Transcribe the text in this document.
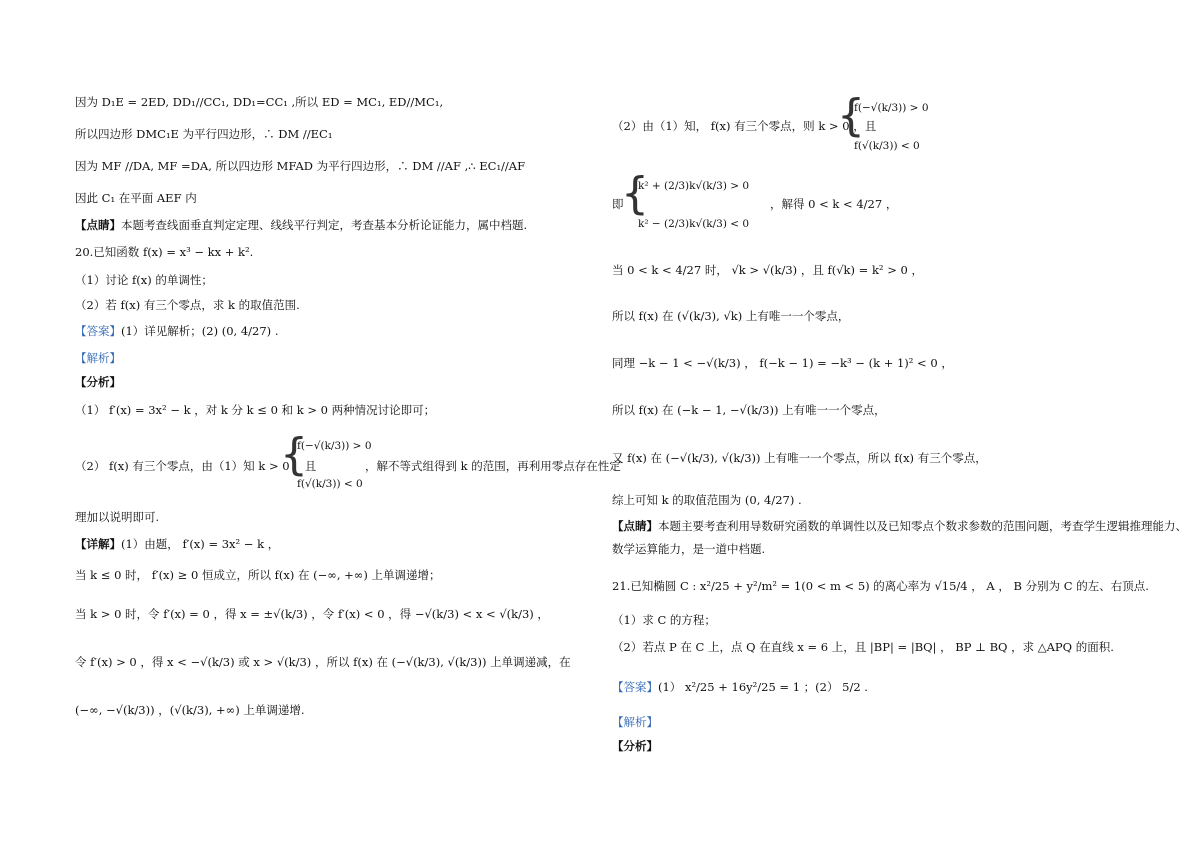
因为 D₁E = 2ED, DD₁//CC₁, DD₁=CC₁ ,所以 ED = MC₁, ED//MC₁,
所以四边形 DMC₁E 为平行四边形，∴ DM //EC₁
因为 MF //DA, MF =DA, 所以四边形 MFAD 为平行四边形，∴ DM //AF ,∴ EC₁//AF
因此 C₁ 在平面 AEF 内
【点睛】本题考查线面垂直判定定理、线线平行判定，考查基本分析论证能力，属中档题.
20.已知函数 f(x) = x³ − kx + k².
（1）讨论 f(x) 的单调性；
（2）若 f(x) 有三个零点，求 k 的取值范围.
【答案】(1）详见解析；(2) (0, 4/27) .
【解析】
【分析】
（1） f′(x) = 3x² − k ，对 k 分 k ≤ 0 和 k > 0 两种情况讨论即可；
（2） f(x) 有三个零点，由（1）知 k > 0 ，且
{
f(−√(k/3)) > 0
f(√(k/3)) < 0
，解不等式组得到 k 的范围，再利用零点存在性定
理加以说明即可.
【详解】(1）由题， f′(x) = 3x² − k ，
当 k ≤ 0 时， f′(x) ≥ 0 恒成立，所以 f(x) 在 (−∞, +∞) 上单调递增；
当 k > 0 时，令 f′(x) = 0 ，得 x = ±√(k/3) ，令 f′(x) < 0 ，得 −√(k/3) < x < √(k/3) ，
令 f′(x) > 0 ，得 x < −√(k/3) 或 x > √(k/3) ，所以 f(x) 在 (−√(k/3), √(k/3)) 上单调递减，在
(−∞, −√(k/3)) ，(√(k/3), +∞) 上单调递增.
（2）由（1）知， f(x) 有三个零点，则 k > 0 ，且
{
f(−√(k/3)) > 0
f(√(k/3)) < 0
即
{
k² + (2/3)k√(k/3) > 0
k² − (2/3)k√(k/3) < 0
，解得 0 < k < 4/27 ，
当 0 < k < 4/27 时， √k > √(k/3) ，且 f(√k) = k² > 0 ，
所以 f(x) 在 (√(k/3), √k) 上有唯一一个零点，
同理 −k − 1 < −√(k/3) ， f(−k − 1) = −k³ − (k + 1)² < 0 ，
所以 f(x) 在 (−k − 1, −√(k/3)) 上有唯一一个零点，
又 f(x) 在 (−√(k/3), √(k/3)) 上有唯一一个零点，所以 f(x) 有三个零点，
综上可知 k 的取值范围为 (0, 4/27) .
【点睛】本题主要考查利用导数研究函数的单调性以及已知零点个数求参数的范围问题，考查学生逻辑推理能力、
数学运算能力，是一道中档题.
21.已知椭圆 C : x²/25 + y²/m² = 1(0 < m < 5) 的离心率为 √15/4 ， A ， B 分别为 C 的左、右顶点.
（1）求 C 的方程；
（2）若点 P 在 C 上，点 Q 在直线 x = 6 上，且 |BP| = |BQ| ， BP ⊥ BQ ，求 △APQ 的面积.
【答案】(1） x²/25 + 16y²/25 = 1 ；(2） 5/2 .
【解析】
【分析】
